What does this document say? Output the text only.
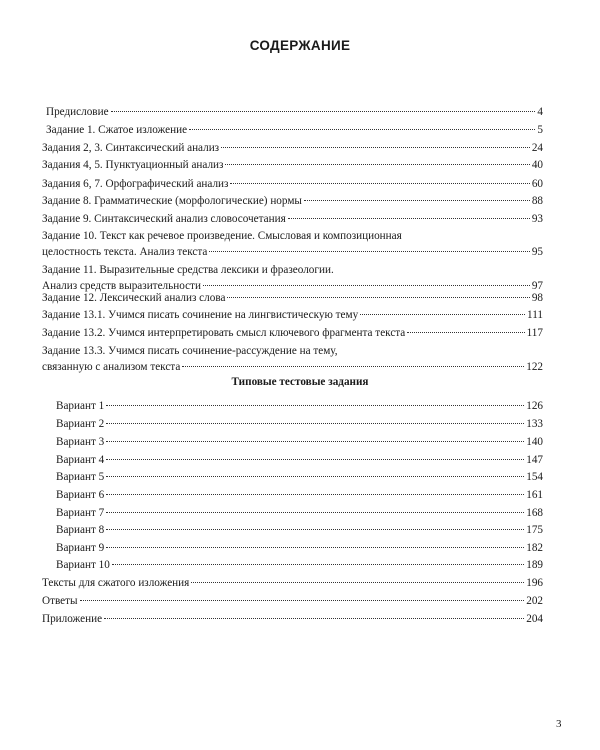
СОДЕРЖАНИЕ
Предисловие	4
Задание 1. Сжатое изложение	5
Задания 2, 3. Синтаксический анализ	24
Задания 4, 5. Пунктуационный анализ	40
Задания 6, 7. Орфографический анализ	60
Задание 8. Грамматические (морфологические) нормы	88
Задание 9. Синтаксический анализ словосочетания	93
Задание 10. Текст как речевое произведение. Смысловая и композиционная
целостность текста. Анализ текста	95
Задание 11. Выразительные средства лексики и фразеологии.
Анализ средств выразительности	97
Задание 12. Лексический анализ слова	98
Задание 13.1. Учимся писать сочинение на лингвистическую тему	111
Задание 13.2. Учимся интерпретировать смысл ключевого фрагмента текста	117
Задание 13.3. Учимся писать сочинение-рассуждение на тему,
связанную с анализом текста	122
Типовые тестовые задания
Вариант 1	126
Вариант 2	133
Вариант 3	140
Вариант 4	147
Вариант 5	154
Вариант 6	161
Вариант 7	168
Вариант 8	175
Вариант 9	182
Вариант 10	189
Тексты для сжатого изложения	196
Ответы	202
Приложение	204
3
